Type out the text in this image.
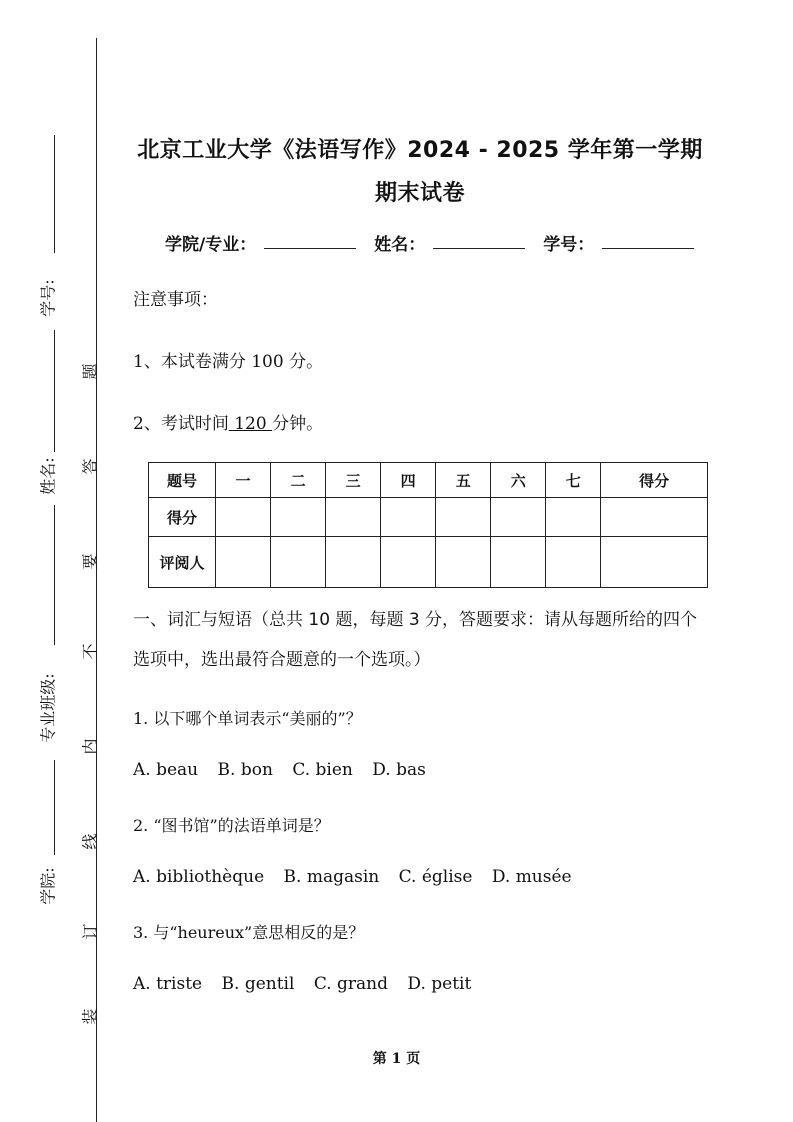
学号:
姓名:
专业班级:
学院:
题
答
要
不
内
线
订
装
北京工业大学《法语写作》2024 - 2025 学年第一学期
期末试卷
学院/专业：	姓名：	学号：
注意事项：
1、本试卷满分 100 分。
2、考试时间 120 分钟。
题号	一	二	三	四	五	六	七	得分
得分								
评阅人								
一、词汇与短语（总共 10 题，每题 3 分，答题要求：请从每题所给的四个选项中，选出最符合题意的一个选项。）
1. 以下哪个单词表示“美丽的”？
A. beau B. bon C. bien D. bas
2. “图书馆”的法语单词是？
A. bibliothèque B. magasin C. église D. musée
3. 与“heureux”意思相反的是？
A. triste B. gentil C. grand D. petit
第 1 页
